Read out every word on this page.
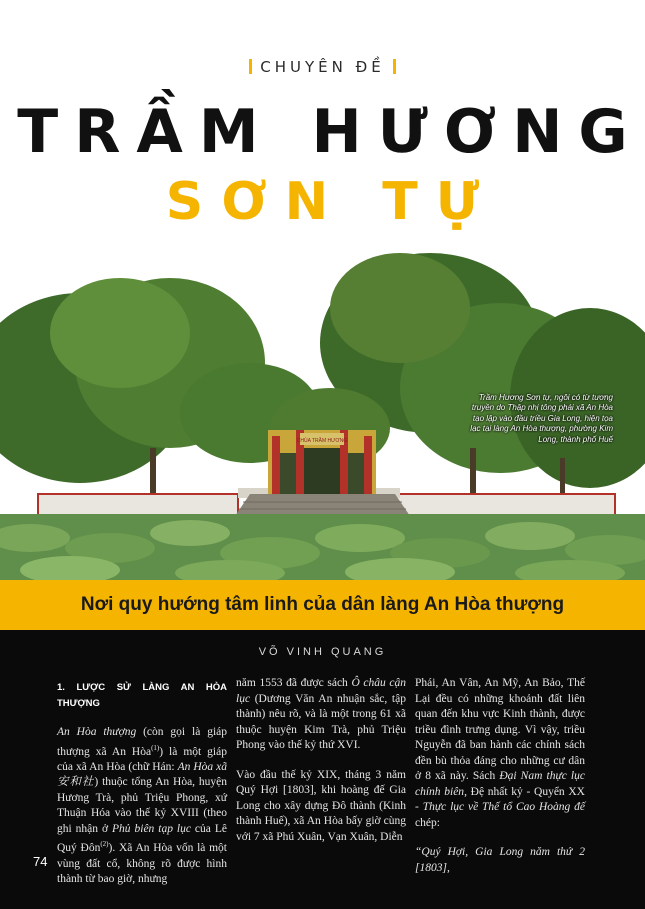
CHUYÊN ĐỀ
TRẦM HƯƠNG
SƠN TỰ
CHÙA TRẦM HƯƠNG
Trầm Hương Sơn tự, ngôi có từ tương truyền do Thập nhị tông phái xã An Hòa tạo lập vào đầu triều Gia Long, hiện tọa lạc tại làng An Hòa thượng, phường Kim Long, thành phố Huế
Nơi quy hướng tâm linh của dân làng An Hòa thượng
VÕ VINH QUANG

1. LƯỢC SỬ LÀNG AN HÒA THƯỢNG

An Hòa thượng (còn gọi là giáp thượng xã An Hòa$^{(1)}$) là một giáp của xã An Hòa (chữ Hán: An Hòa xã 安和社) thuộc tổng An Hòa, huyện Hương Trà, phủ Triệu Phong, xứ Thuận Hóa vào thế kỷ XVIII (theo ghi nhận ở Phủ biên tạp lục của Lê Quý Đôn$^{(2)}$). Xã An Hòa vốn là một vùng đất cổ, không rõ được hình thành từ bao giờ, nhưng

năm 1553 đã được sách Ô châu cận lục (Dương Văn An nhuận sắc, tập thành) nêu rõ, và là một trong 61 xã thuộc huyện Kim Trà, phủ Triệu Phong vào thế kỷ thứ XVI.

Vào đầu thế kỷ XIX, tháng 3 năm Quý Hợi [1803], khi hoàng đế Gia Long cho xây dựng Đô thành (Kinh thành Huế), xã An Hòa bấy giờ cùng với 7 xã Phú Xuân, Vạn Xuân, Diễn

Phái, An Vân, An Mỹ, An Bảo, Thế Lại đều có những khoảnh đất liên quan đến khu vực Kinh thành, được triều đình trưng dụng. Vì vậy, triều Nguyễn đã ban hành các chính sách đền bù thỏa đáng cho những cư dân ở 8 xã này. Sách Đại Nam thực lục chính biên, Đệ nhất kỷ - Quyển XX - Thực lục về Thế tổ Cao Hoàng đế chép:

“Quý Hợi, Gia Long năm thứ 2 [1803],

74
